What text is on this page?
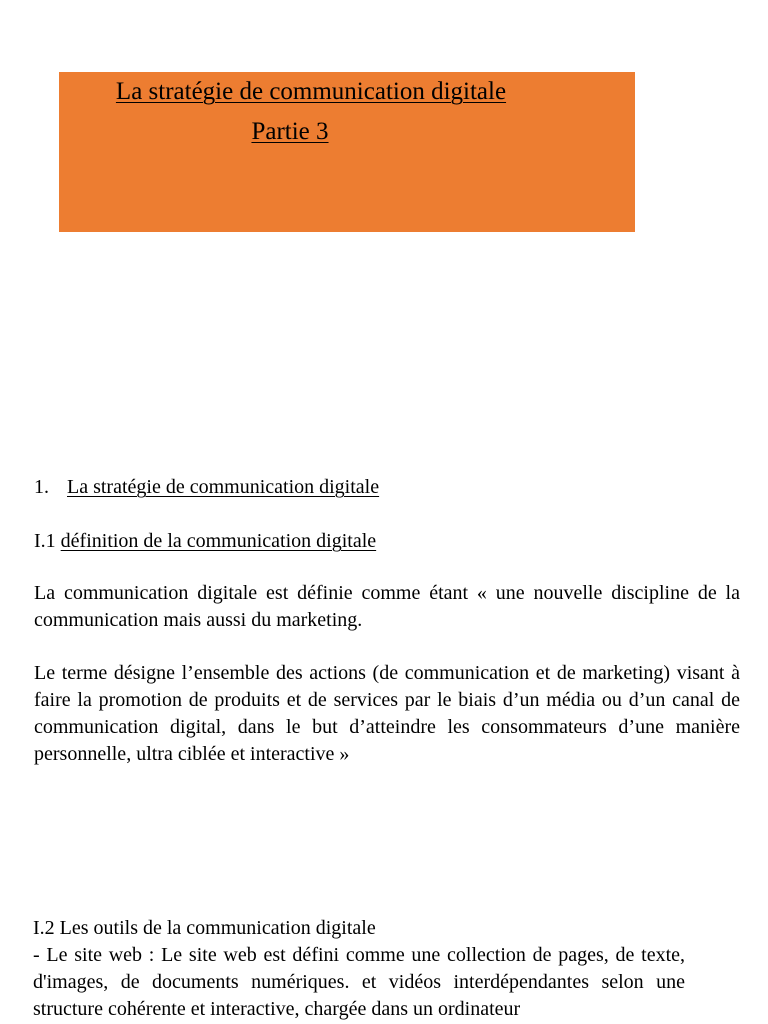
La stratégie de communication digitale
Partie 3
1. La stratégie de communication digitale
I.1 définition de la communication digitale
La communication digitale est définie comme étant « une nouvelle discipline de la communication mais aussi du marketing.
Le terme désigne l’ensemble des actions (de communication et de marketing) visant à faire la promotion de produits et de services par le biais d’un média ou d’un canal de communication digital, dans le but d’atteindre les consommateurs d’une manière personnelle, ultra ciblée et interactive »
I.2 Les outils de la communication digitale
- Le site web : Le site web est défini comme une collection de pages, de texte, d'images, de documents numériques. et vidéos interdépendantes selon une structure cohérente et interactive, chargée dans un ordinateur
